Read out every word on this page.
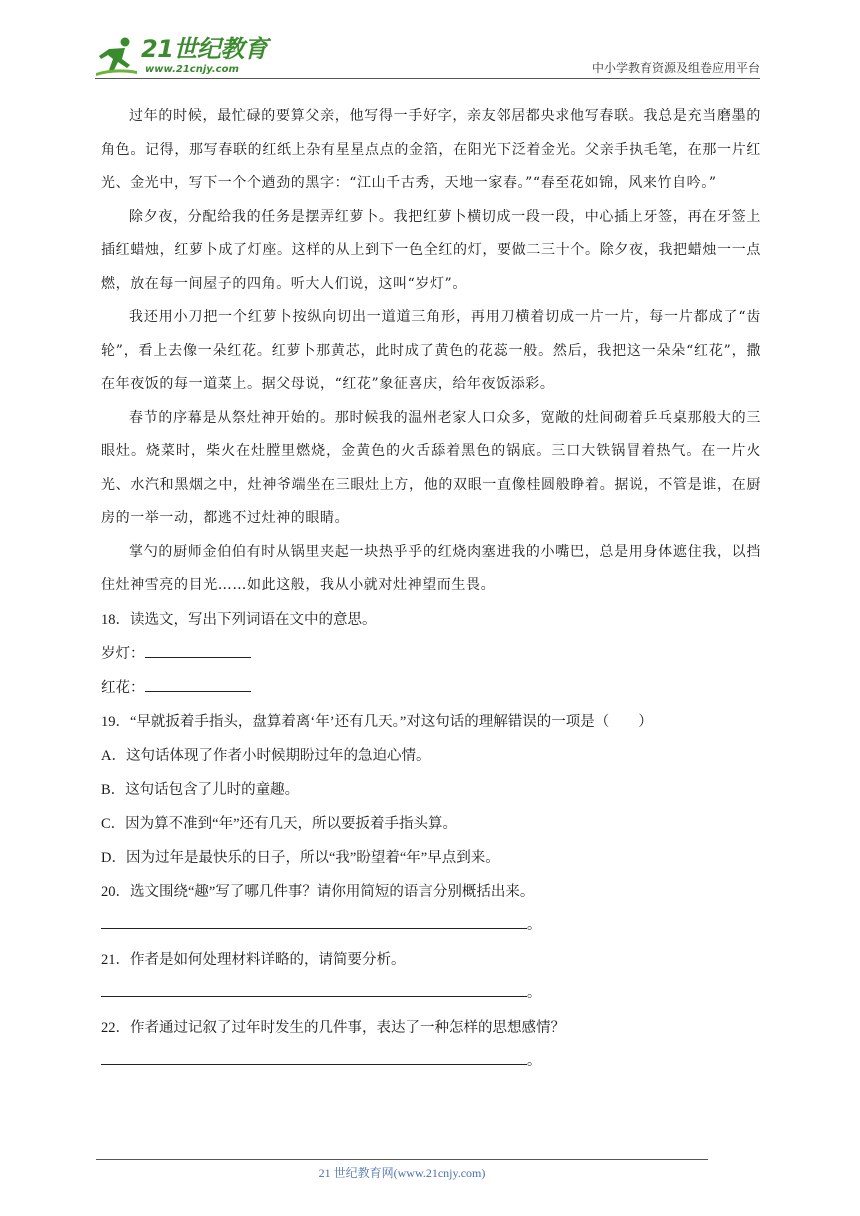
21世纪教育
www.21cnjy.com	中小学教育资源及组卷应用平台

过年的时候，最忙碌的要算父亲，他写得一手好字，亲友邻居都央求他写春联。我总是充当磨墨的角色。记得，那写春联的红纸上杂有星星点点的金箔，在阳光下泛着金光。父亲手执毛笔，在那一片红光、金光中，写下一个个遒劲的黑字：“江山千古秀，天地一家春。”“春至花如锦，风来竹自吟。”

除夕夜，分配给我的任务是摆弄红萝卜。我把红萝卜横切成一段一段，中心插上牙签，再在牙签上插红蜡烛，红萝卜成了灯座。这样的从上到下一色全红的灯，要做二三十个。除夕夜，我把蜡烛一一点燃，放在每一间屋子的四角。听大人们说，这叫“岁灯”。

我还用小刀把一个红萝卜按纵向切出一道道三角形，再用刀横着切成一片一片，每一片都成了“齿轮”，看上去像一朵红花。红萝卜那黄芯，此时成了黄色的花蕊一般。然后，我把这一朵朵“红花”，撒在年夜饭的每一道菜上。据父母说，“红花”象征喜庆，给年夜饭添彩。

春节的序幕是从祭灶神开始的。那时候我的温州老家人口众多，宽敞的灶间砌着乒乓桌那般大的三眼灶。烧菜时，柴火在灶膛里燃烧，金黄色的火舌舔着黑色的锅底。三口大铁锅冒着热气。在一片火光、水汽和黑烟之中，灶神爷端坐在三眼灶上方，他的双眼一直像桂圆般睁着。据说，不管是谁，在厨房的一举一动，都逃不过灶神的眼睛。

掌勺的厨师金伯伯有时从锅里夹起一块热乎乎的红烧肉塞进我的小嘴巴，总是用身体遮住我，以挡住灶神雪亮的目光……如此这般，我从小就对灶神望而生畏。

18．读选文，写出下列词语在文中的意思。

岁灯：

红花：

19．“早就扳着手指头，盘算着离‘年’还有几天。”对这句话的理解错误的一项是（　　）

A．这句话体现了作者小时候期盼过年的急迫心情。

B．这句话包含了儿时的童趣。

C．因为算不准到“年”还有几天，所以要扳着手指头算。

D．因为过年是最快乐的日子，所以“我”盼望着“年”早点到来。

20．选文围绕“趣”写了哪几件事？请你用简短的语言分别概括出来。

。

21．作者是如何处理材料详略的，请简要分析。

。

22．作者通过记叙了过年时发生的几件事，表达了一种怎样的思想感情？

。

21 世纪教育网(www.21cnjy.com)
